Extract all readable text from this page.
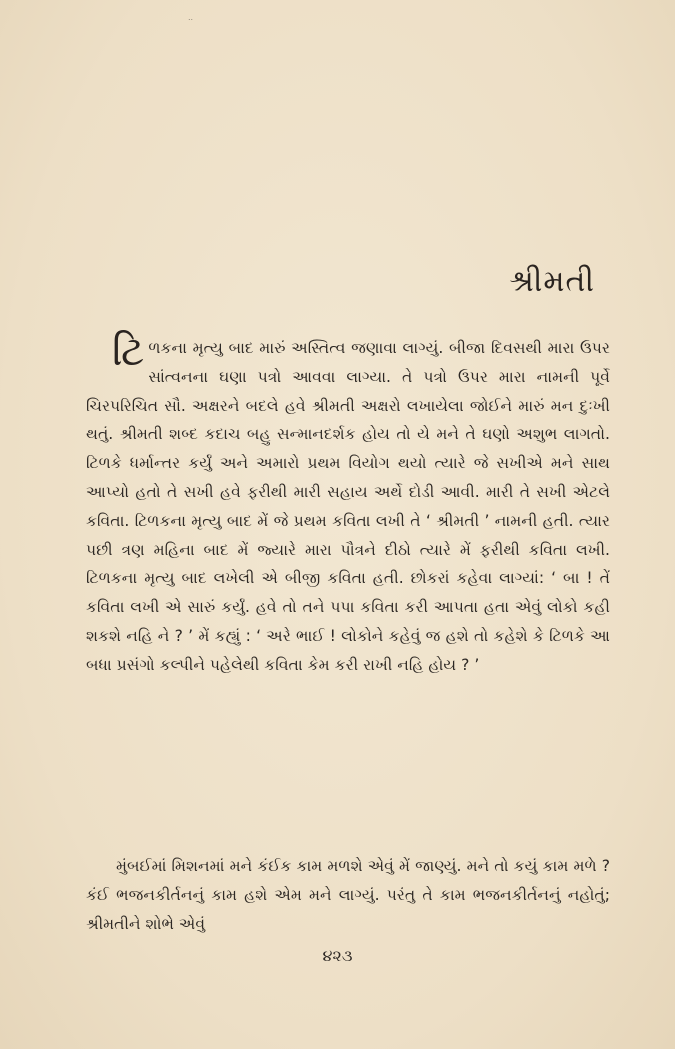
..
શ્રીમતી
ટિ ળકના મૃત્યુ બાદ મારું અસ્તિત્વ જણાવા લાગ્યું. બીજા દિવસથી મારા ઉપર સાંત્વનના ઘણા પત્રો આવવા લાગ્યા. તે પત્રો ઉપર મારા નામની પૂર્વે ચિરપરિચિત સૌ. અક્ષરને બદલે હવે શ્રીમતી અક્ષરો લખાયેલા જોઈને મારું મન દુઃખી થતું. શ્રીમતી શબ્દ કદાચ બહુ સન્માનદર્શક હોય તો યે મને તે ઘણો અશુભ લાગતો. ટિળકે ધર્માન્તર કર્યું અને અમારો પ્રથમ વિયોગ થયો ત્યારે જે સખીએ મને સાથ આપ્યો હતો તે સખી હવે ફરીથી મારી સહાય અર્થે દોડી આવી. મારી તે સખી એટલે કવિતા. ટિળકના મૃત્યુ બાદ મેં જે પ્રથમ કવિતા લખી તે ‘ શ્રીમતી ’ નામની હતી. ત્યાર પછી ત્રણ મહિના બાદ મેં જ્યારે મારા પૌત્રને દીઠો ત્યારે મેં ફરીથી કવિતા લખી. ટિળકના મૃત્યુ બાદ લખેલી એ બીજી કવિતા હતી. છોકરાં કહેવા લાગ્યાં: ‘ બા ! તેં કવિતા લખી એ સારું કર્યું. હવે તો તને પપા કવિતા કરી આપતા હતા એવું લોકો કહી શકશે નહિ ને ? ’ મેં કહ્યું : ‘ અરે ભાઈ ! લોકોને કહેવું જ હશે તો કહેશે કે ટિળકે આ બધા પ્રસંગો કલ્પીને પહેલેથી કવિતા કેમ કરી રાખી નહિ હોય ? ’
મુંબઈમાં મિશનમાં મને કંઈક કામ મળશે એવું મેં જાણ્યું. મને તો કયું કામ મળે ? કંઈ ભજનકીર્તનનું કામ હશે એમ મને લાગ્યું. પરંતુ તે કામ ભજનકીર્તનનું નહોતું; શ્રીમતીને શોભે એવું
૪૨૩
